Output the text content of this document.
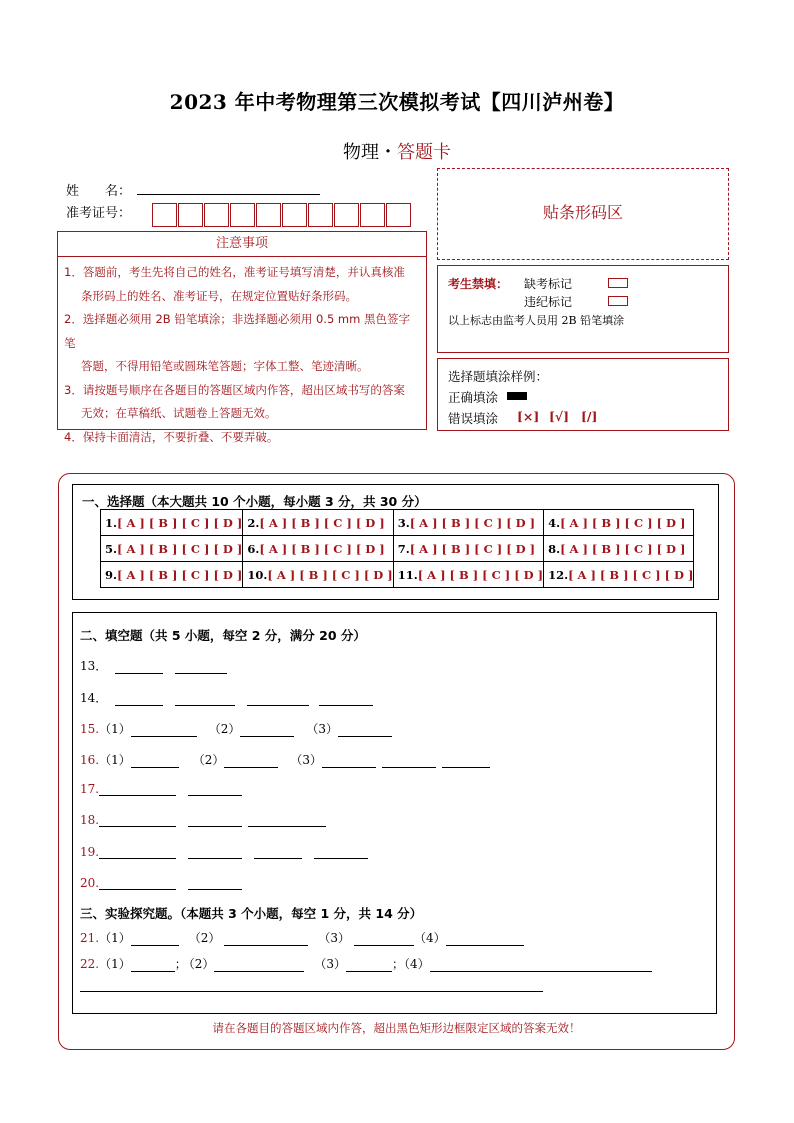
2023 年中考物理第三次模拟考试【四川泸州卷】
物理・答题卡
姓　　名：
准考证号：
注意事项

1．答题前，考生先将自己的姓名，准考证号填写清楚，并认真核准

条形码上的姓名、准考证号，在规定位置贴好条形码。

2．选择题必须用 2B 铅笔填涂；非选择题必须用 0.5 mm 黑色签字笔

答题，不得用铅笔或圆珠笔答题；字体工整、笔迹清晰。

3．请按题号顺序在各题目的答题区域内作答，超出区域书写的答案

无效；在草稿纸、试题卷上答题无效。

4．保持卡面清洁，不要折叠、不要弄破。

贴条形码区
考生禁填： 缺考标记
违纪标记
以上标志由监考人员用 2B 铅笔填涂
选择题填涂样例：
正确填涂
错误填涂 [×] [√] [/]
一、选择题（本大题共 10 个小题，每小题 3 分，共 30 分）
1.[ A ] [ B ] [ C ] [ D ]	2.[ A ] [ B ] [ C ] [ D ]	3.[ A ] [ B ] [ C ] [ D ]	4.[ A ] [ B ] [ C ] [ D ]
5.[ A ] [ B ] [ C ] [ D ]	6.[ A ] [ B ] [ C ] [ D ]	7.[ A ] [ B ] [ C ] [ D ]	8.[ A ] [ B ] [ C ] [ D ]
9.[ A ] [ B ] [ C ] [ D ]	10.[ A ] [ B ] [ C ] [ D ]	11.[ A ] [ B ] [ C ] [ D ]	12.[ A ] [ B ] [ C ] [ D ]
二、填空题（共 5 小题，每空 2 分，满分 20 分）
13．
14．
15.（1）	（2）	（3）
16.（1）	（2）	（3）
17.
18.
19.
20.
三、实验探究题。（本题共 3 个小题，每空 1 分，共 14 分）
21.（1）	（2）	（3）	（4）
22.（1）	； （2）	（3）	；（4）
请在各题目的答题区域内作答，超出黑色矩形边框限定区域的答案无效！
